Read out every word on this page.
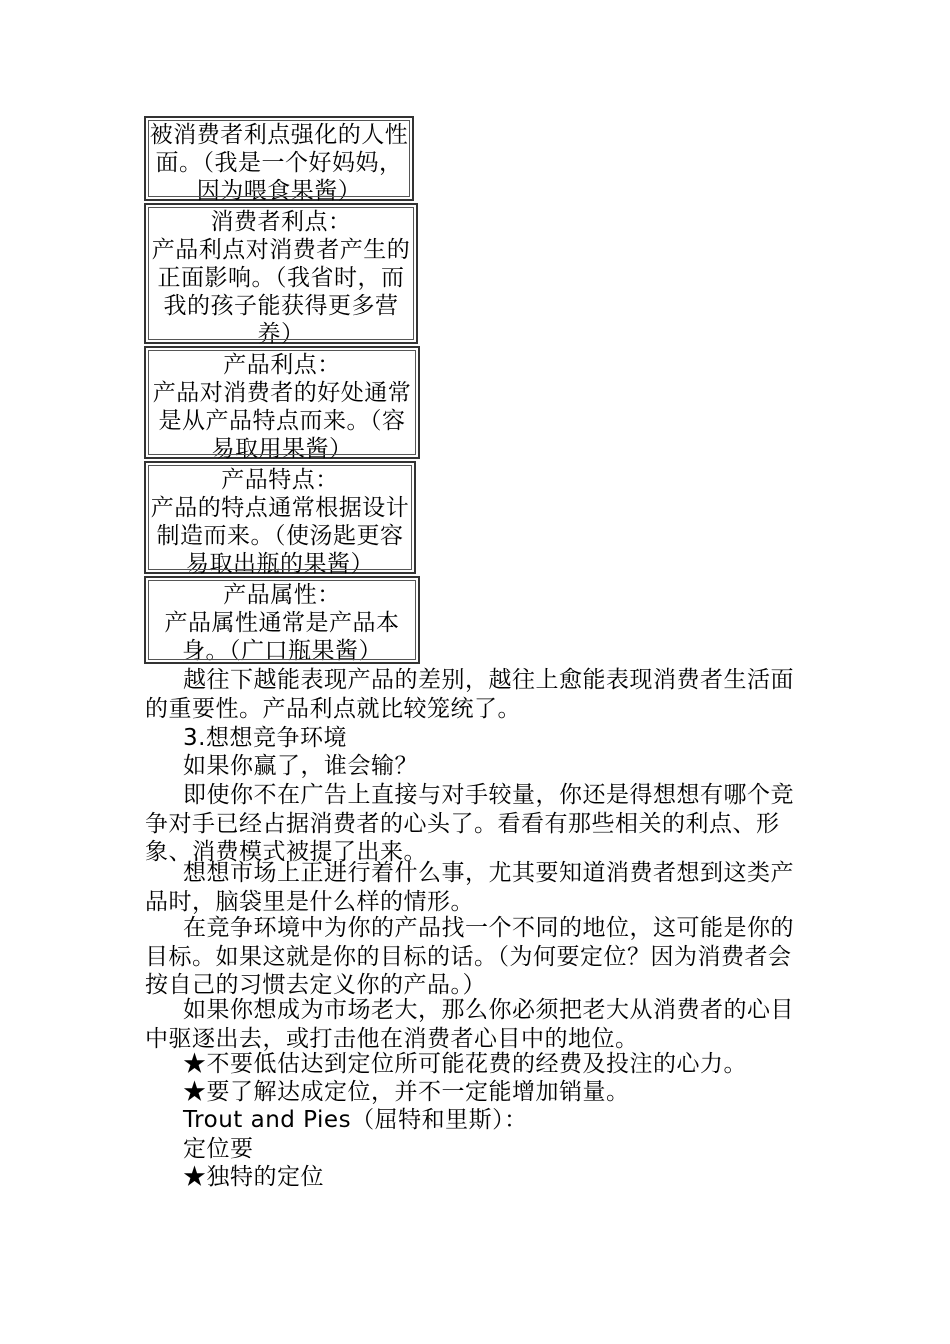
被消费者利点强化的人性面。（我是一个好妈妈，因为喂食果酱）
消费者利点：
产品利点对消费者产生的正面影响。（我省时，而我的孩子能获得更多营养）
产品利点：
产品对消费者的好处通常是从产品特点而来。（容易取用果酱）
产品特点：
产品的特点通常根据设计制造而来。（使汤匙更容易取出瓶的果酱）
产品属性：
产品属性通常是产品本身。（广口瓶果酱）

越往下越能表现产品的差别，越往上愈能表现消费者生活面的重要性。产品利点就比较笼统了。

3.想想竞争环境

如果你赢了，谁会输？

即使你不在广告上直接与对手较量，你还是得想想有哪个竞争对手已经占据消费者的心头了。看看有那些相关的利点、形象、消费模式被提了出来。

想想市场上正进行着什么事，尤其要知道消费者想到这类产品时，脑袋里是什么样的情形。

在竞争环境中为你的产品找一个不同的地位，这可能是你的目标。如果这就是你的目标的话。（为何要定位？因为消费者会按自己的习惯去定义你的产品。）

如果你想成为市场老大，那么你必须把老大从消费者的心目中驱逐出去，或打击他在消费者心目中的地位。

★不要低估达到定位所可能花费的经费及投注的心力。

★要了解达成定位，并不一定能增加销量。

Trout and Pies（屈特和里斯）：

定位要

★独特的定位
